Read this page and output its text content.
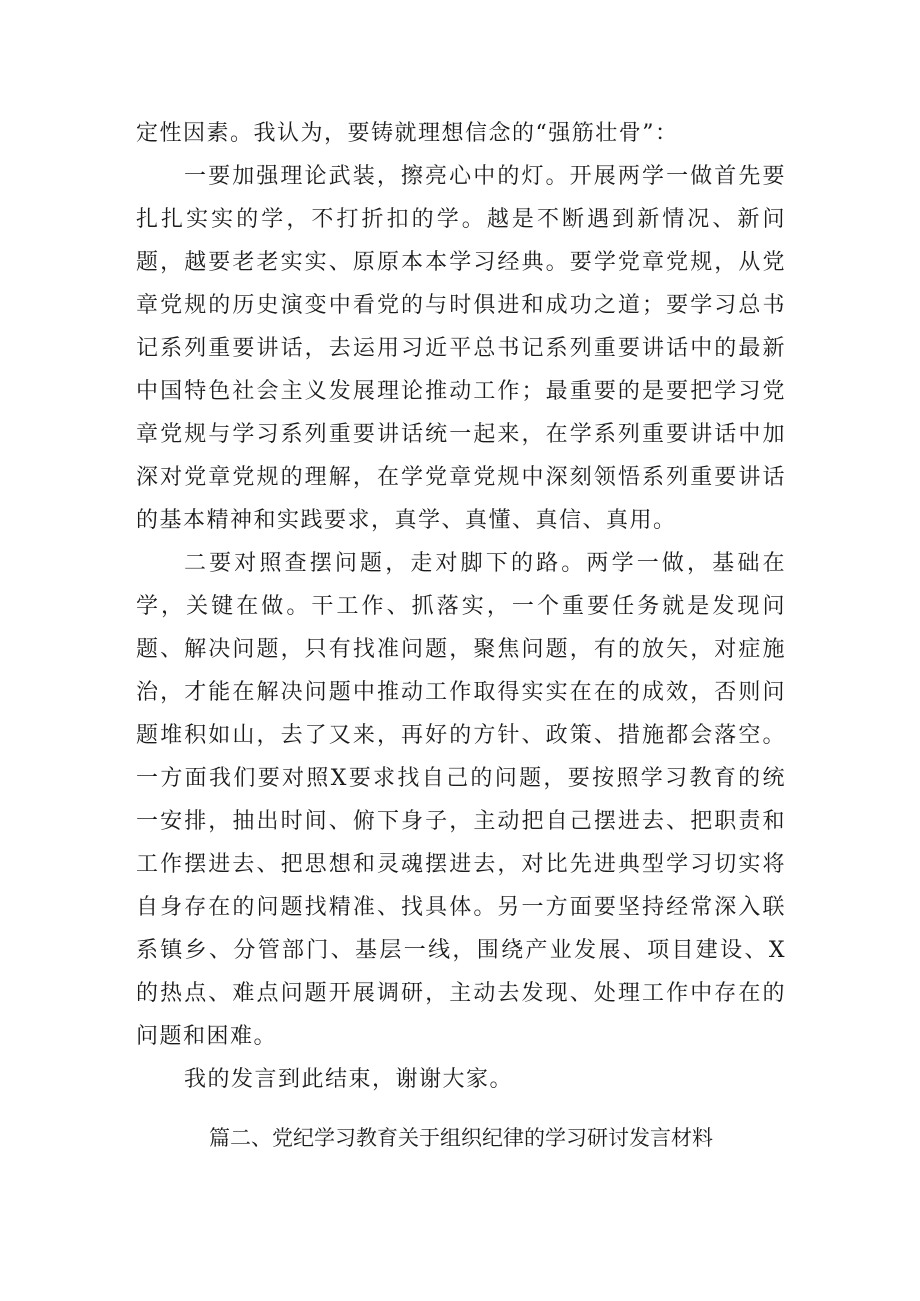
定性因素。我认为，要铸就理想信念的“强筋壮骨”：

一要加强理论武装，擦亮心中的灯。开展两学一做首先要扎扎实实的学，不打折扣的学。越是不断遇到新情况、新问题，越要老老实实、原原本本学习经典。要学党章党规，从党章党规的历史演变中看党的与时俱进和成功之道；要学习总书记系列重要讲话，去运用习近平总书记系列重要讲话中的最新中国特色社会主义发展理论推动工作；最重要的是要把学习党章党规与学习系列重要讲话统一起来，在学系列重要讲话中加深对党章党规的理解，在学党章党规中深刻领悟系列重要讲话的基本精神和实践要求，真学、真懂、真信、真用。

二要对照查摆问题，走对脚下的路。两学一做，基础在学，关键在做。干工作、抓落实，一个重要任务就是发现问题、解决问题，只有找准问题，聚焦问题，有的放矢，对症施治，才能在解决问题中推动工作取得实实在在的成效，否则问题堆积如山，去了又来，再好的方针、政策、措施都会落空。一方面我们要对照X要求找自己的问题，要按照学习教育的统一安排，抽出时间、俯下身子，主动把自己摆进去、把职责和工作摆进去、把思想和灵魂摆进去，对比先进典型学习切实将自身存在的问题找精准、找具体。另一方面要坚持经常深入联系镇乡、分管部门、基层一线，围绕产业发展、项目建设、X的热点、难点问题开展调研，主动去发现、处理工作中存在的问题和困难。

我的发言到此结束，谢谢大家。

篇二、党纪学习教育关于组织纪律的学习研讨发言材料
